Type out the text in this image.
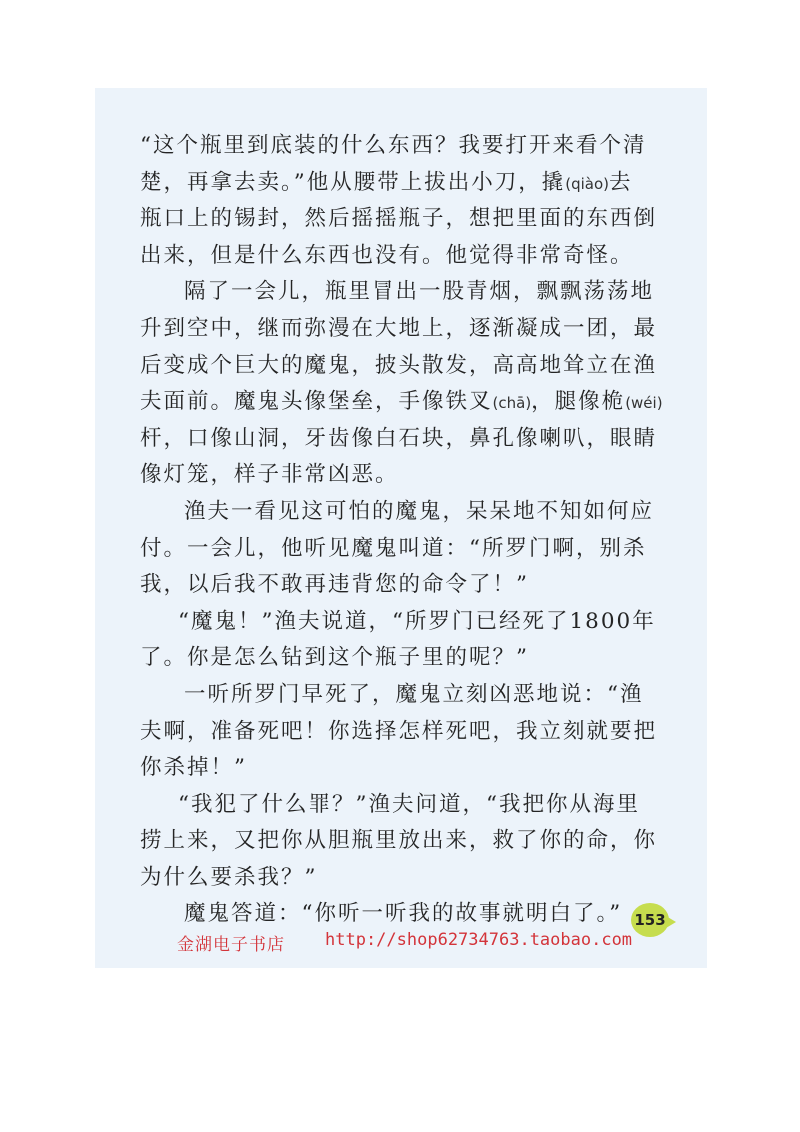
“这个瓶里到底装的什么东西？我要打开来看个清
楚，再拿去卖。”他从腰带上拔出小刀，撬(qiào)去
瓶口上的锡封，然后摇摇瓶子，想把里面的东西倒
出来，但是什么东西也没有。他觉得非常奇怪。
隔了一会儿，瓶里冒出一股青烟，飘飘荡荡地
升到空中，继而弥漫在大地上，逐渐凝成一团，最
后变成个巨大的魔鬼，披头散发，高高地耸立在渔
夫面前。魔鬼头像堡垒，手像铁叉(chā)，腿像桅(wéi)
杆，口像山洞，牙齿像白石块，鼻孔像喇叭，眼睛
像灯笼，样子非常凶恶。
渔夫一看见这可怕的魔鬼，呆呆地不知如何应
付。一会儿，他听见魔鬼叫道：“所罗门啊，别杀
我，以后我不敢再违背您的命令了！”
“魔鬼！”渔夫说道，“所罗门已经死了1800年
了。你是怎么钻到这个瓶子里的呢？”
一听所罗门早死了，魔鬼立刻凶恶地说：“渔
夫啊，准备死吧！你选择怎样死吧，我立刻就要把
你杀掉！”
“我犯了什么罪？”渔夫问道，“我把你从海里
捞上来，又把你从胆瓶里放出来，救了你的命，你
为什么要杀我？”
魔鬼答道：“你听一听我的故事就明白了。” 153
金湖电子书店 http://shop62734763.taobao.com
